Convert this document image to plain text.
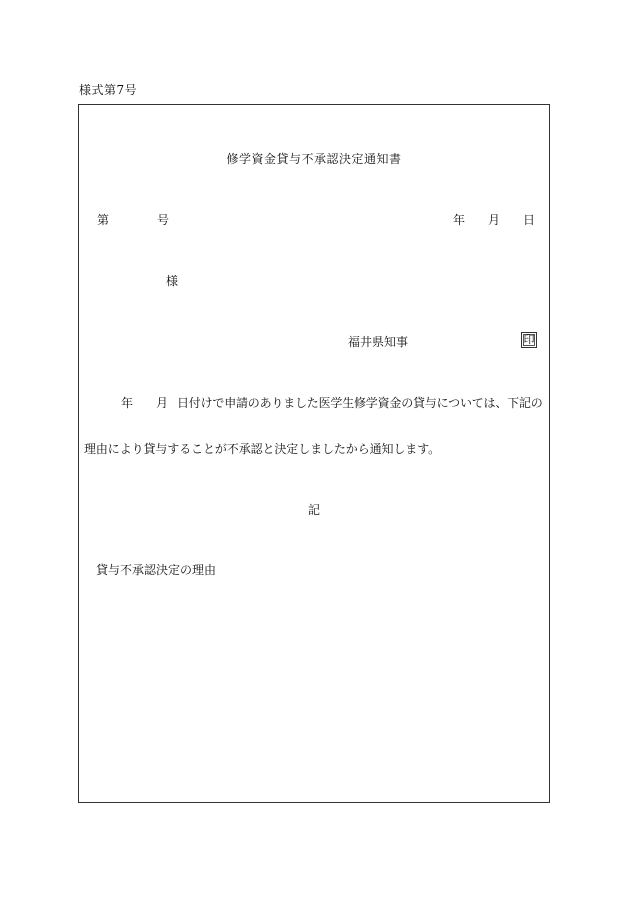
様式第7号
修学資金貸与不承認決定通知書
第	号	年 月 日
様
福井県知事	印
年 月 日付けで申請のありました医学生修学資金の貸与については、下記の
理由により貸与することが不承認と決定しましたから通知します。
記
貸与不承認決定の理由
